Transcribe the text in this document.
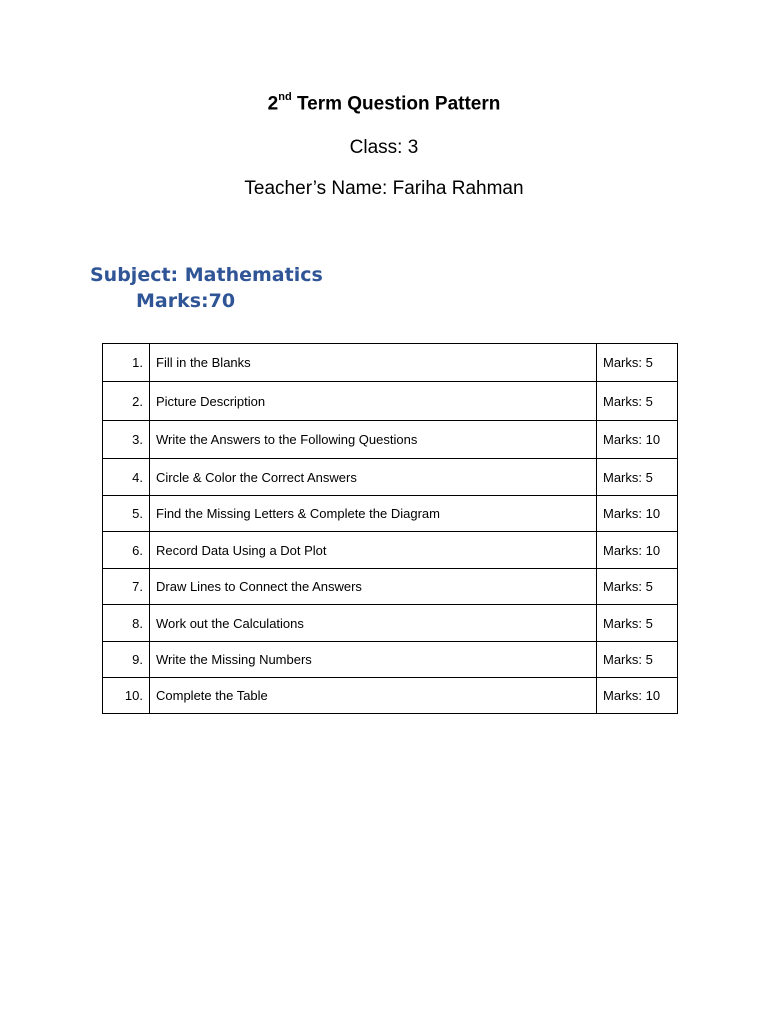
2nd Term Question Pattern
Class: 3
Teacher’s Name: Fariha Rahman
Subject: Mathematics
Marks:70
1.	Fill in the Blanks	Marks: 5
2.	Picture Description	Marks: 5
3.	Write the Answers to the Following Questions	Marks: 10
4.	Circle & Color the Correct Answers	Marks: 5
5.	Find the Missing Letters & Complete the Diagram	Marks: 10
6.	Record Data Using a Dot Plot	Marks: 10
7.	Draw Lines to Connect the Answers	Marks: 5
8.	Work out the Calculations	Marks: 5
9.	Write the Missing Numbers	Marks: 5
10.	Complete the Table	Marks: 10
